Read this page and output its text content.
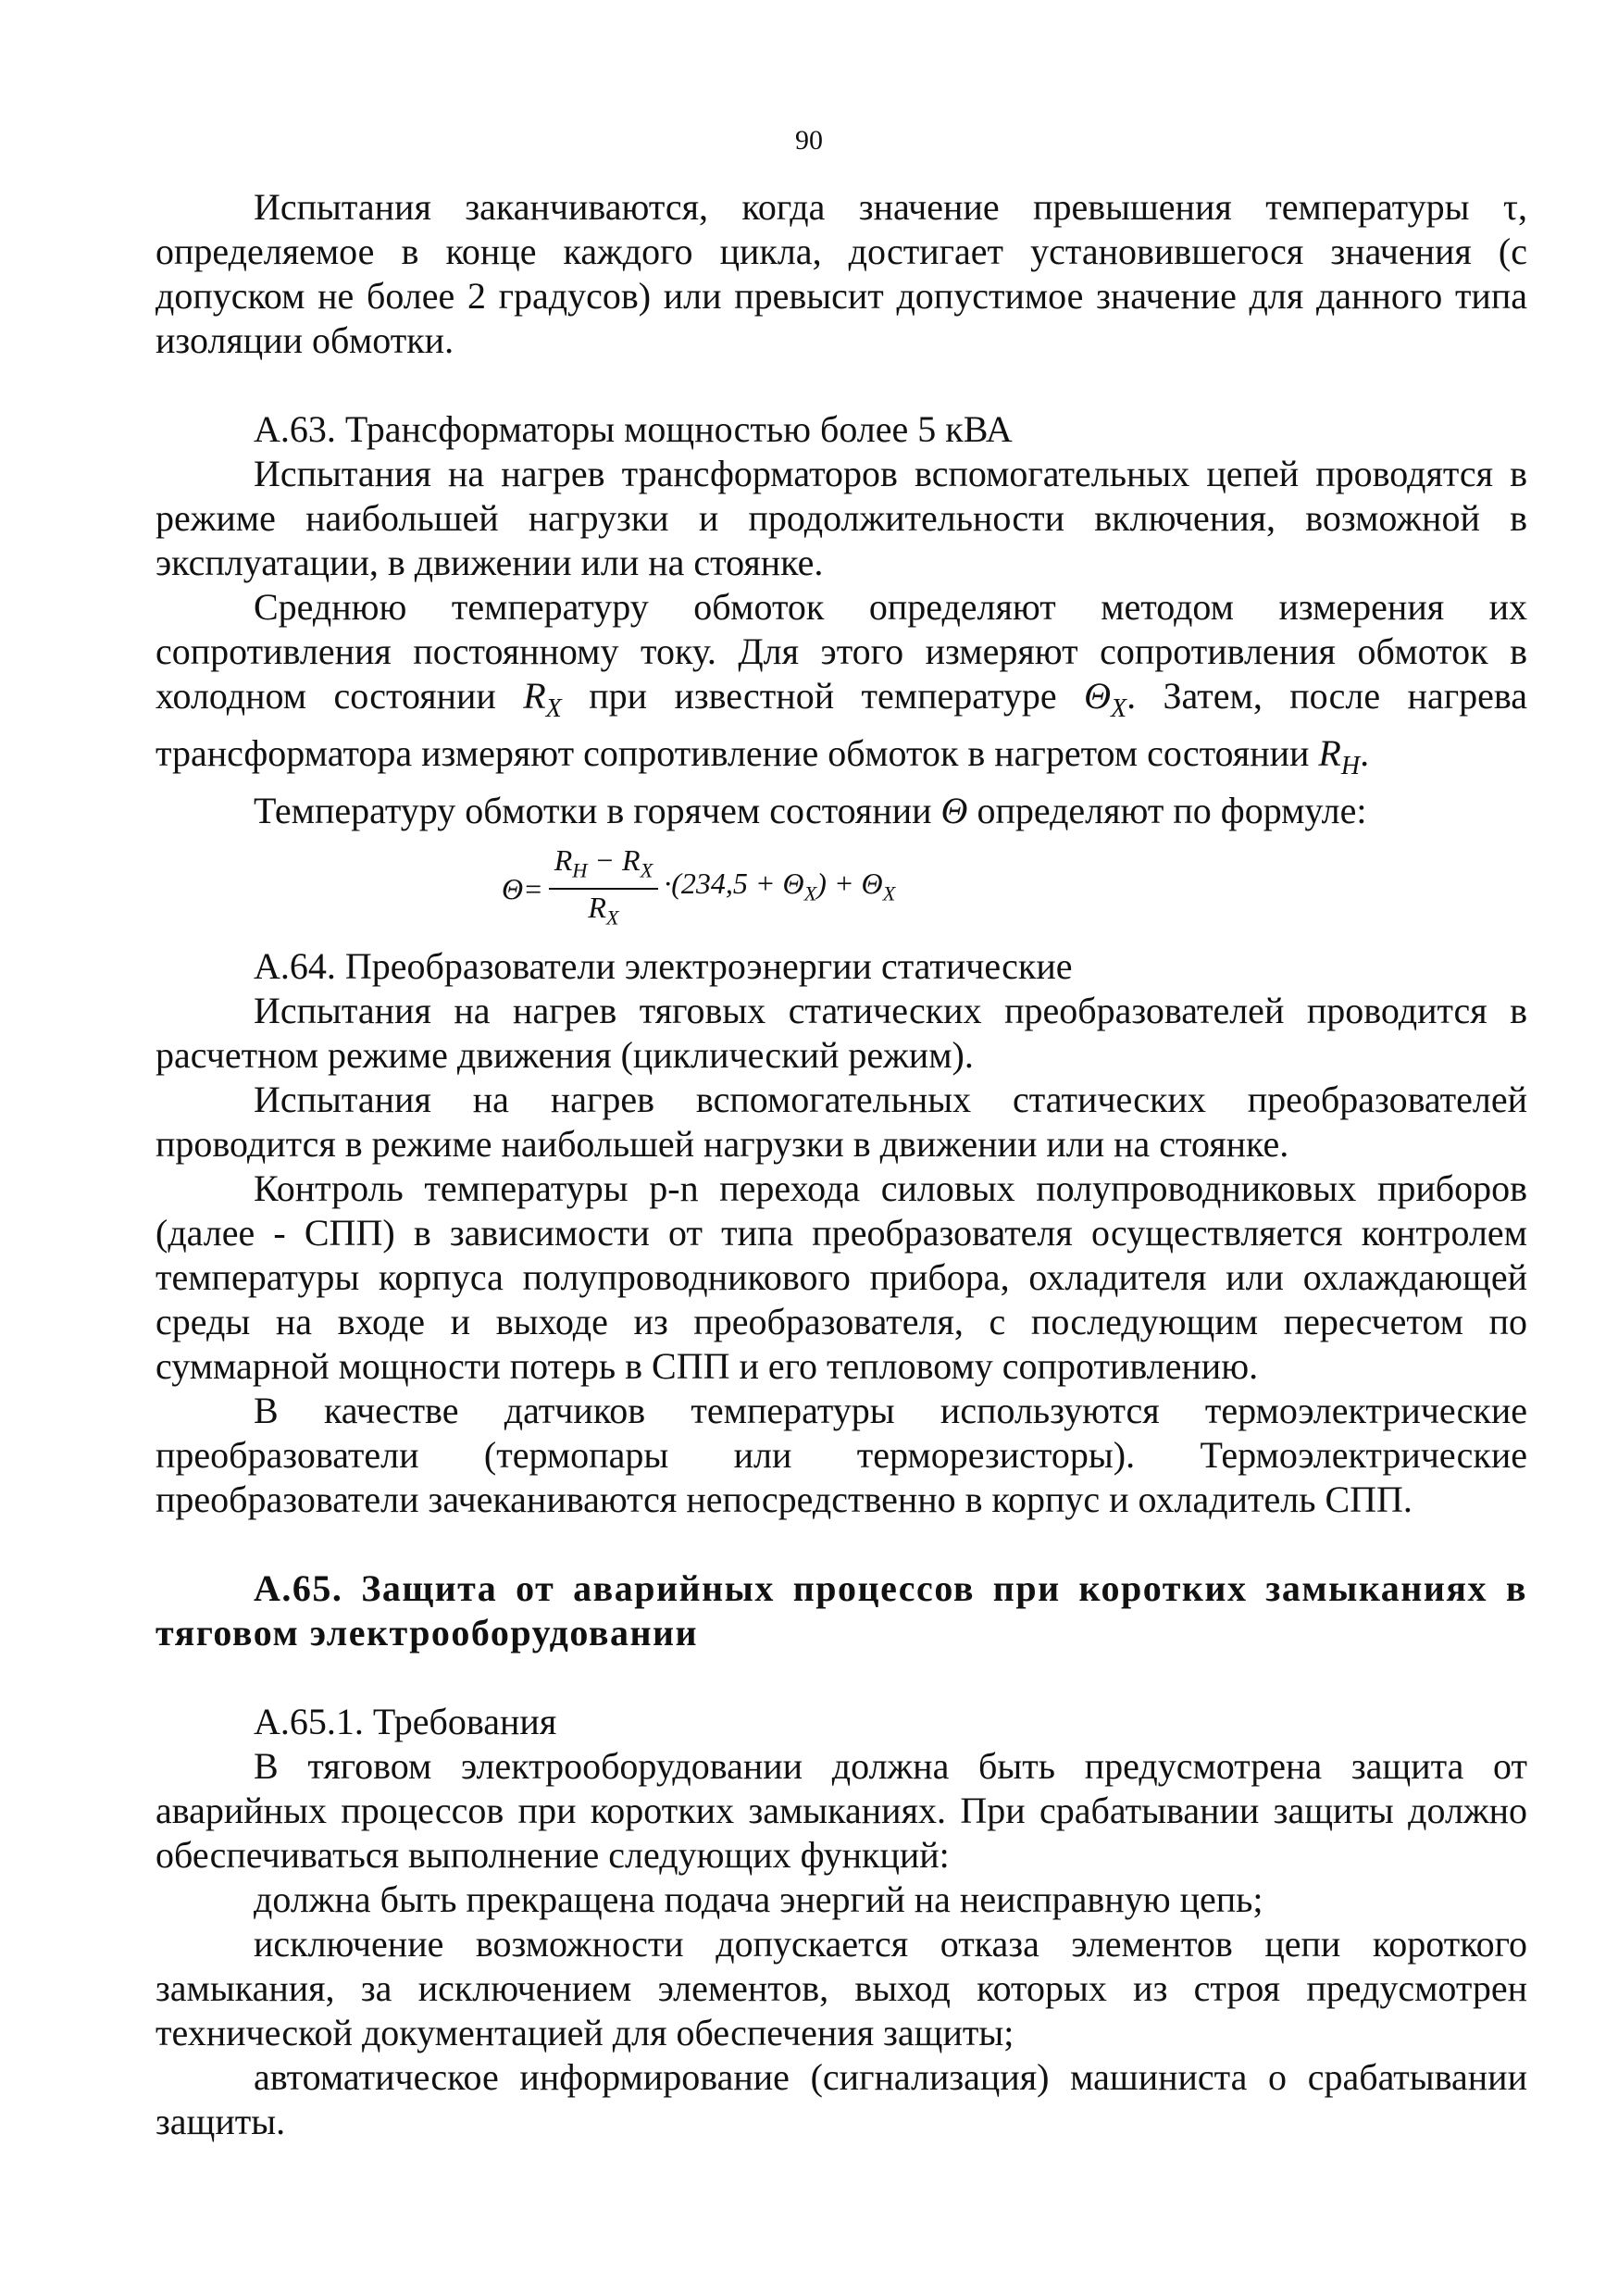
90

Испытания заканчиваются, когда значение превышения температуры τ, определяемое в конце каждого цикла, достигает установившегося значения (с допуском не более 2 градусов) или превысит допустимое значение для данного типа изоляции обмотки.

А.63. Трансформаторы мощностью более 5 кВА

Испытания на нагрев трансформаторов вспомогательных цепей проводятся в режиме наибольшей нагрузки и продолжительности включения, возможной в эксплуатации, в движении или на стоянке.

Среднюю температуру обмоток определяют методом измерения их сопротивления постоянному току. Для этого измеряют сопротивления обмоток в холодном состоянии $R_X$ при известной температуре $\Theta_X$. Затем, после нагрева трансформатора измеряют сопротивление обмоток в нагретом состоянии $R_H$.

Температуру обмотки в горячем состоянии Θ определяют по формуле:

$\Theta = \frac{R_H - R_X}{R_X} \cdot(234,5 + \Theta_X) + \Theta_X$

А.64. Преобразователи электроэнергии статические

Испытания на нагрев тяговых статических преобразователей проводится в расчетном режиме движения (циклический режим).

Испытания на нагрев вспомогательных статических преобразователей проводится в режиме наибольшей нагрузки в движении или на стоянке.

Контроль температуры p-n перехода силовых полупроводниковых приборов (далее - СПП) в зависимости от типа преобразователя осуществляется контролем температуры корпуса полупроводникового прибора, охладителя или охлаждающей среды на входе и выходе из преобразователя, с последующим пересчетом по суммарной мощности потерь в СПП и его тепловому сопротивлению.

В качестве датчиков температуры используются термоэлектрические преобразователи (термопары или терморезисторы). Термоэлектрические преобразователи зачеканиваются непосредственно в корпус и охладитель СПП.

А.65. Защита от аварийных процессов при коротких замыканиях в тяговом электрооборудовании

А.65.1. Требования

В тяговом электрооборудовании должна быть предусмотрена защита от аварийных процессов при коротких замыканиях. При срабатывании защиты должно обеспечиваться выполнение следующих функций:

должна быть прекращена подача энергий на неисправную цепь;

исключение возможности допускается отказа элементов цепи короткого замыкания, за исключением элементов, выход которых из строя предусмотрен технической документацией для обеспечения защиты;

автоматическое информирование (сигнализация) машиниста о срабатывании защиты.
